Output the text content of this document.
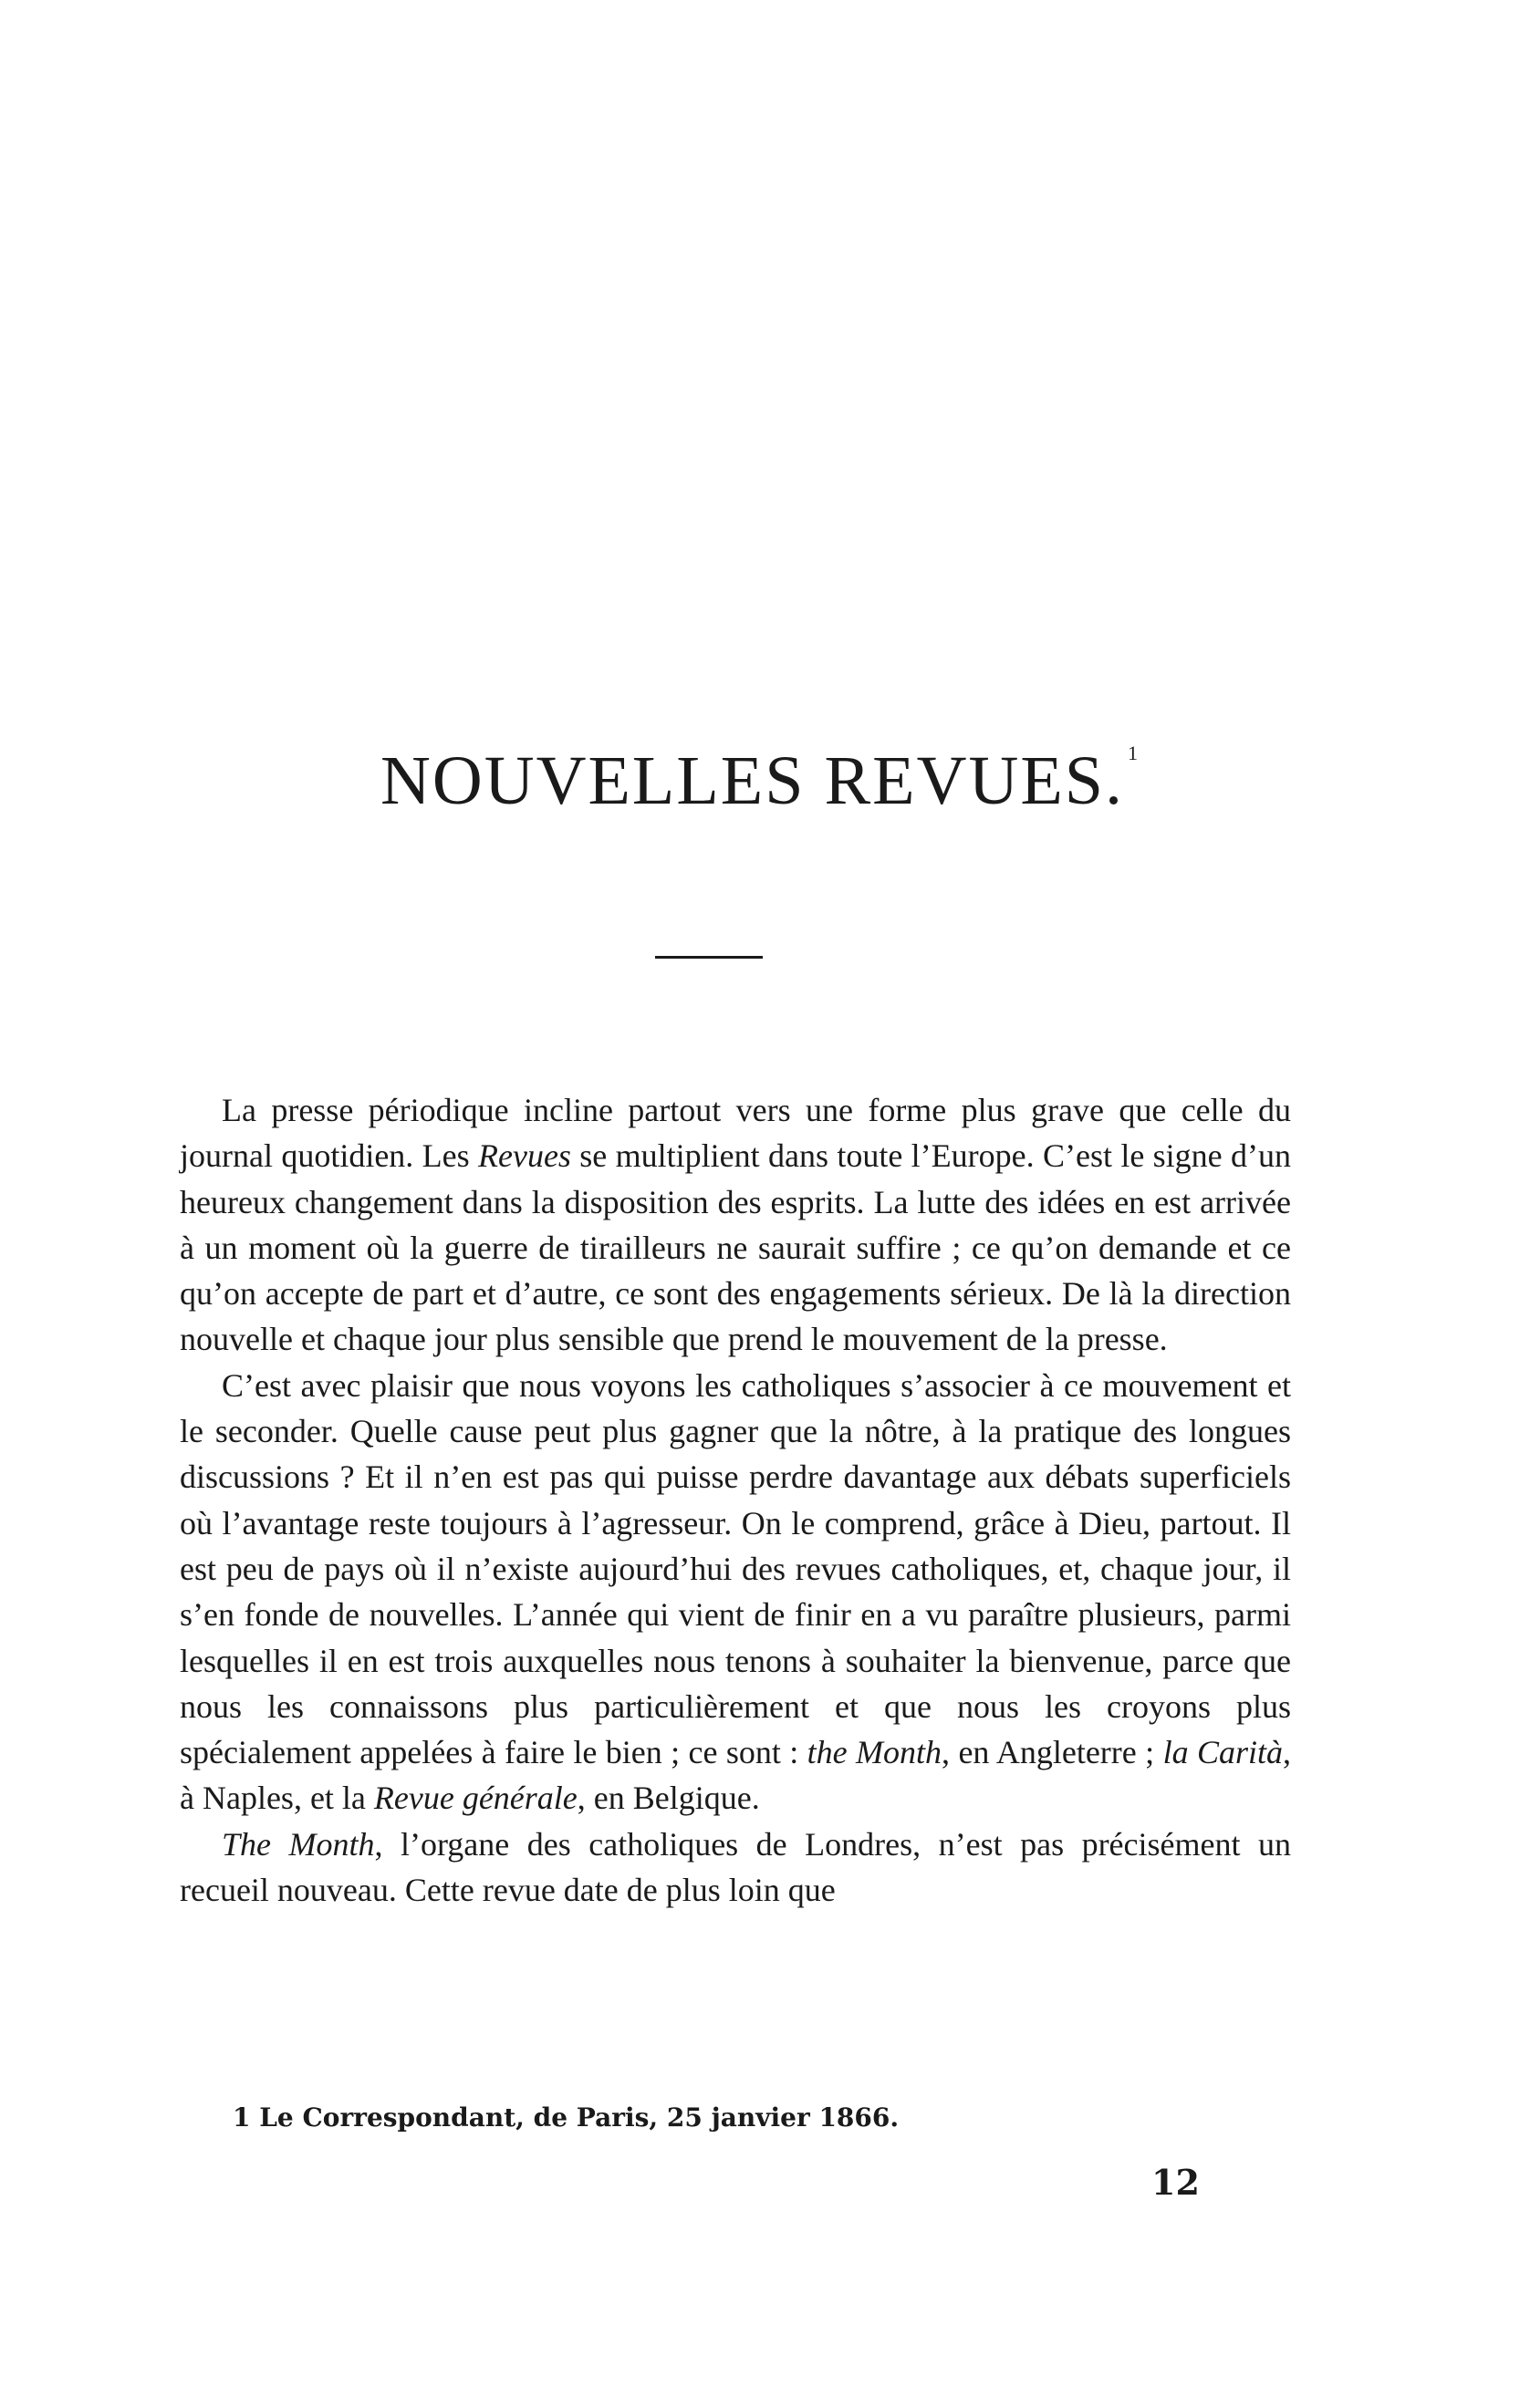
NOUVELLES REVUES. $^1$

La presse périodique incline partout vers une forme plus grave que celle du journal quotidien. Les Revues se multiplient dans toute l’Europe. C’est le signe d’un heureux changement dans la disposition des esprits. La lutte des idées en est arrivée à un moment où la guerre de tirailleurs ne saurait suffire ; ce qu’on demande et ce qu’on accepte de part et d’autre, ce sont des engagements sérieux. De là la direction nouvelle et chaque jour plus sensible que prend le mouvement de la presse.

C’est avec plaisir que nous voyons les catholiques s’associer à ce mouvement et le seconder. Quelle cause peut plus gagner que la nôtre, à la pratique des longues discussions ? Et il n’en est pas qui puisse perdre davantage aux débats superficiels où l’avantage reste toujours à l’agresseur. On le comprend, grâce à Dieu, partout. Il est peu de pays où il n’existe aujourd’hui des revues catholiques, et, chaque jour, il s’en fonde de nouvelles. L’année qui vient de finir en a vu paraître plusieurs, parmi lesquelles il en est trois auxquelles nous tenons à souhaiter la bienvenue, parce que nous les connaissons plus particulièrement et que nous les croyons plus spécialement appelées à faire le bien ; ce sont : the Month, en Angleterre ; la Carità, à Naples, et la Revue générale, en Belgique.

The Month, l’organe des catholiques de Londres, n’est pas précisément un recueil nouveau. Cette revue date de plus loin que

1 Le Correspondant, de Paris, 25 janvier 1866.

12
